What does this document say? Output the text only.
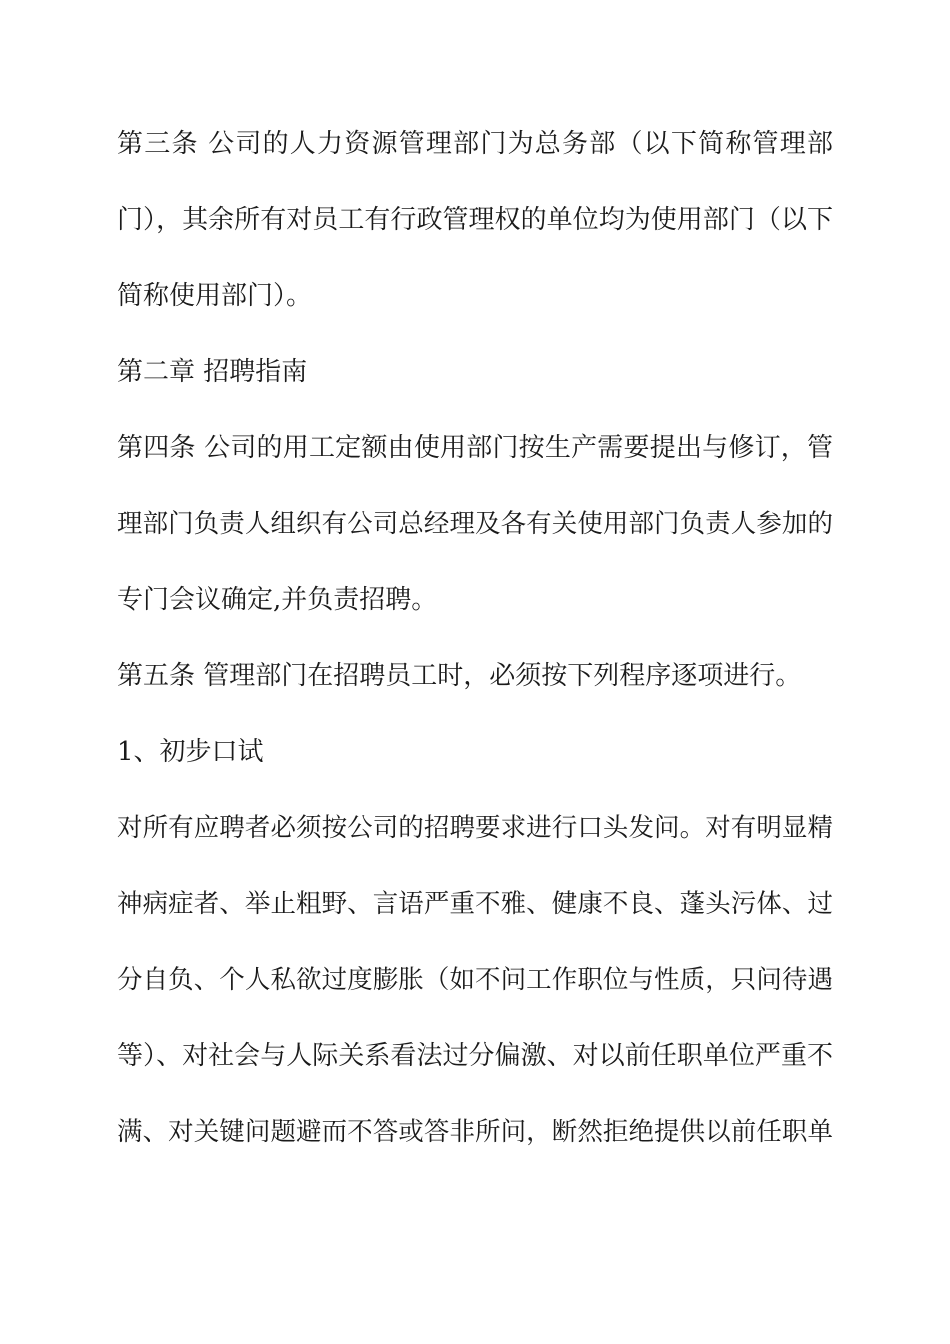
第三条 公司的人力资源管理部门为总务部（以下简称管理部
门），其余所有对员工有行政管理权的单位均为使用部门（以下
简称使用部门）。
第二章 招聘指南
第四条 公司的用工定额由使用部门按生产需要提出与修订，管
理部门负责人组织有公司总经理及各有关使用部门负责人参加的
专门会议确定,并负责招聘。
第五条 管理部门在招聘员工时，必须按下列程序逐项进行。
1、初步口试
对所有应聘者必须按公司的招聘要求进行口头发问。对有明显精
神病症者、举止粗野、言语严重不雅、健康不良、蓬头污体、过
分自负、个人私欲过度膨胀（如不问工作职位与性质，只问待遇
等）、对社会与人际关系看法过分偏激、对以前任职单位严重不
满、对关键问题避而不答或答非所问，断然拒绝提供以前任职单
